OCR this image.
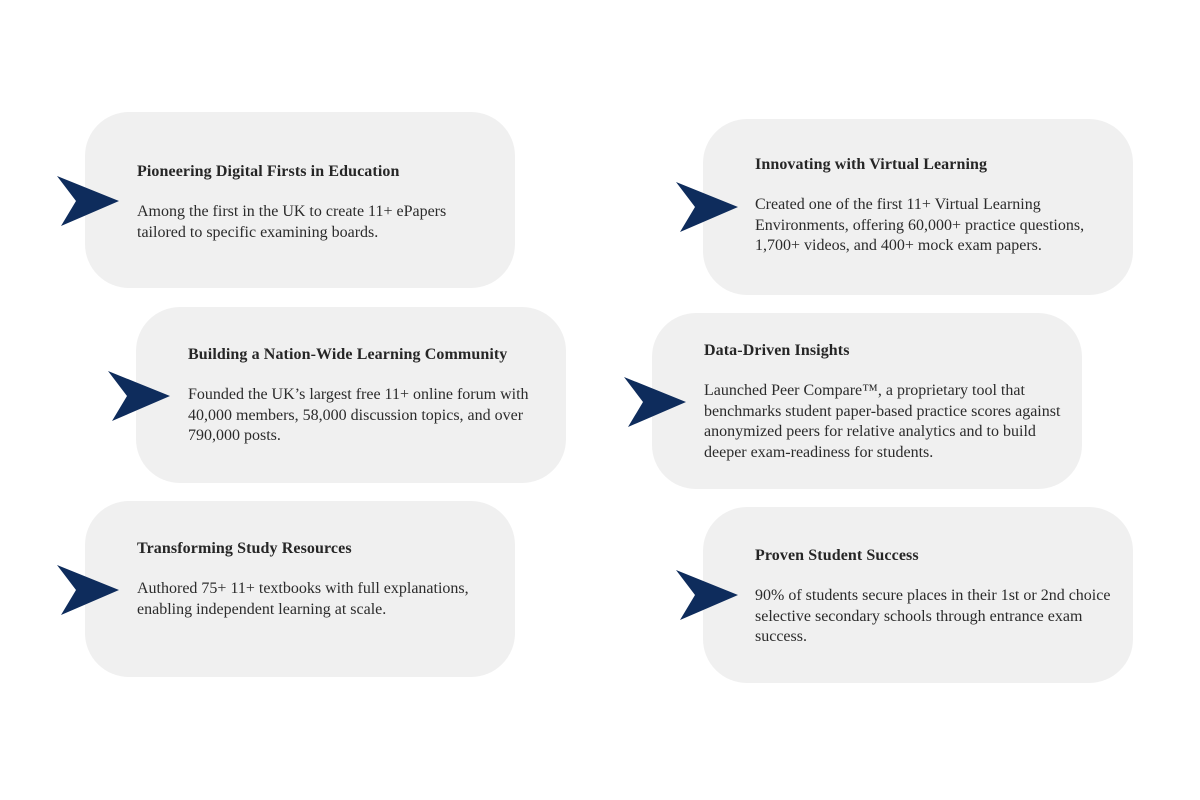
Pioneering Digital Firsts in Education

Among the first in the UK to create 11+ ePapers tailored to specific examining boards.

Innovating with Virtual Learning

Created one of the first 11+ Virtual Learning Environments, offering 60,000+ practice questions, 1,700+ videos, and 400+ mock exam papers.

Building a Nation-Wide Learning Community

Founded the UK’s largest free 11+ online forum with 40,000 members, 58,000 discussion topics, and over 790,000 posts.

Data-Driven Insights

Launched Peer Compare™, a proprietary tool that benchmarks student paper-based practice scores against anonymized peers for relative analytics and to build deeper exam-readiness for students.

Transforming Study Resources

Authored 75+ 11+ textbooks with full explanations, enabling independent learning at scale.

Proven Student Success

90% of students secure places in their 1st or 2nd choice selective secondary schools through entrance exam success.
